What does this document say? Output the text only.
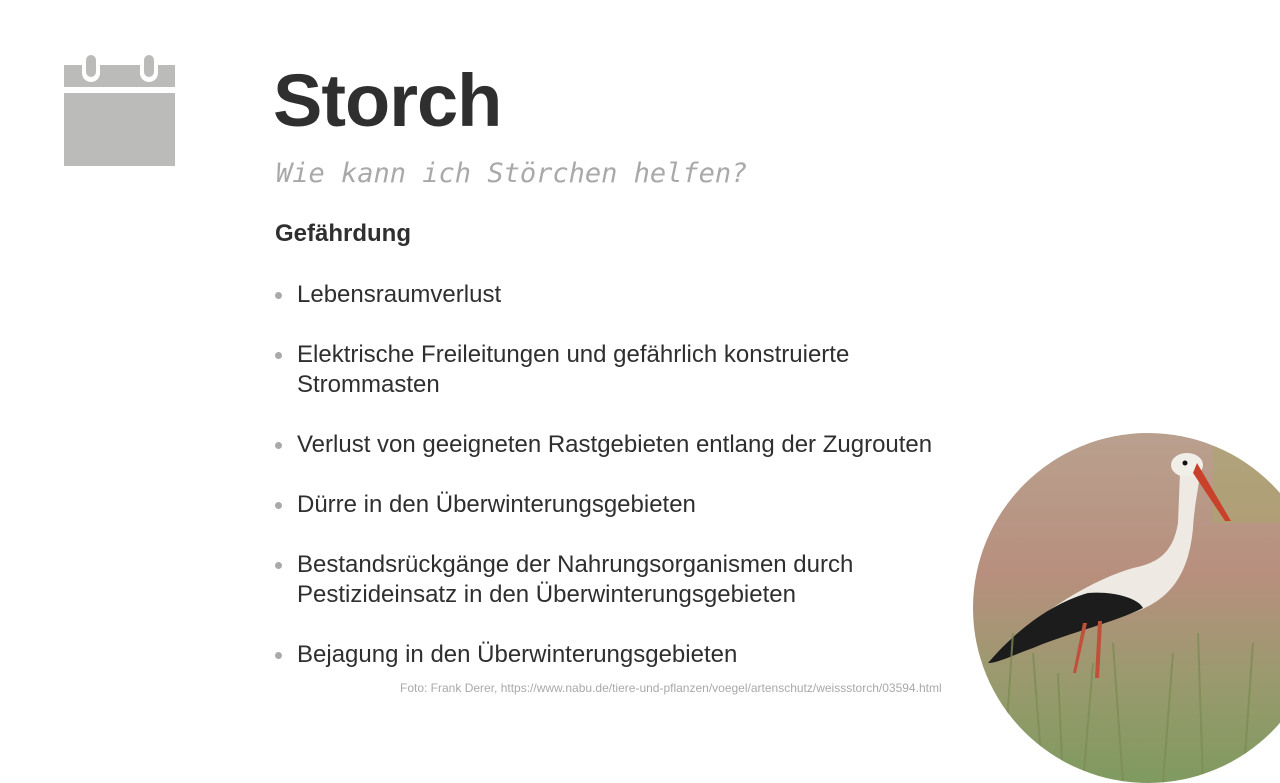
Storch
Wie kann ich Störchen helfen?
Gefährdung
Lebensraumverlust
Elektrische Freileitungen und gefährlich konstruierte Strommasten
Verlust von geeigneten Rastgebieten entlang der Zugrouten
Dürre in den Überwinterungsgebieten
Bestandsrückgänge der Nahrungsorganismen durch Pestizideinsatz in den Überwinterungsgebieten
Bejagung in den Überwinterungsgebieten
Foto: Frank Derer, https://www.nabu.de/tiere-und-pflanzen/voegel/artenschutz/weissstorch/03594.html
